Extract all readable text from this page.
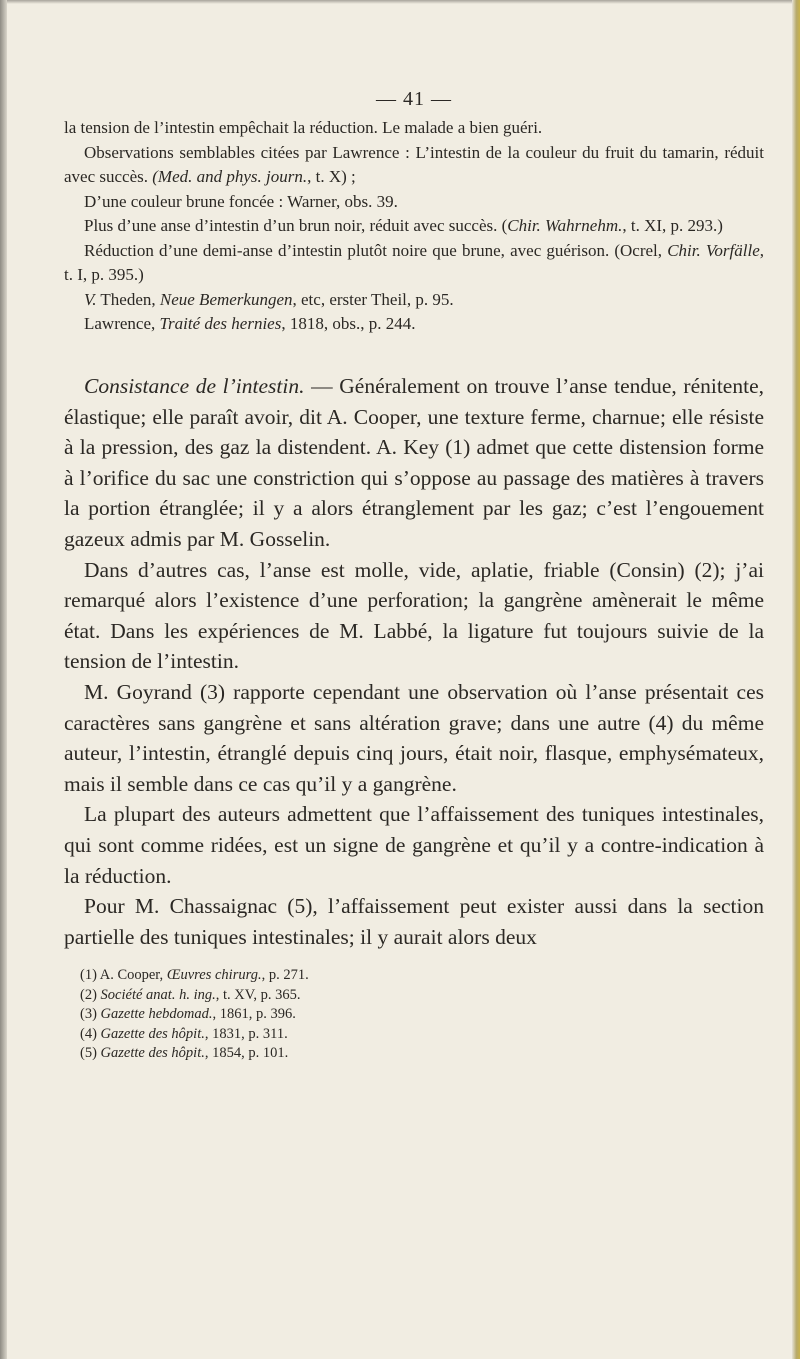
— 41 —

la tension de l’intestin empêchait la réduction. Le malade a bien guéri.

Observations semblables citées par Lawrence : L’intestin de la couleur du fruit du tamarin, réduit avec succès. (Med. and phys. journ., t. X) ;

D’une couleur brune foncée : Warner, obs. 39.

Plus d’une anse d’intestin d’un brun noir, réduit avec succès. (Chir. Wahrnehm., t. XI, p. 293.)

Réduction d’une demi-anse d’intestin plutôt noire que brune, avec guérison. (Ocrel, Chir. Vorfälle, t. I, p. 395.)

V. Theden, Neue Bemerkungen, etc, erster Theil, p. 95.

Lawrence, Traité des hernies, 1818, obs., p. 244.

Consistance de l’intestin. — Généralement on trouve l’anse tendue, rénitente, élastique; elle paraît avoir, dit A. Cooper, une texture ferme, charnue; elle résiste à la pression, des gaz la distendent. A. Key (1) admet que cette distension forme à l’orifice du sac une constriction qui s’oppose au passage des matières à travers la portion étranglée; il y a alors étranglement par les gaz; c’est l’engouement gazeux admis par M. Gosselin.

Dans d’autres cas, l’anse est molle, vide, aplatie, friable (Consin) (2); j’ai remarqué alors l’existence d’une perforation; la gangrène amènerait le même état. Dans les expériences de M. Labbé, la ligature fut toujours suivie de la tension de l’intestin.

M. Goyrand (3) rapporte cependant une observation où l’anse présentait ces caractères sans gangrène et sans altération grave; dans une autre (4) du même auteur, l’intestin, étranglé depuis cinq jours, était noir, flasque, emphysémateux, mais il semble dans ce cas qu’il y a gangrène.

La plupart des auteurs admettent que l’affaissement des tuniques intestinales, qui sont comme ridées, est un signe de gangrène et qu’il y a contre-indication à la réduction.

Pour M. Chassaignac (5), l’affaissement peut exister aussi dans la section partielle des tuniques intestinales; il y aurait alors deux

(1) A. Cooper, Œuvres chirurg., p. 271.

(2) Société anat. h. ing., t. XV, p. 365.

(3) Gazette hebdomad., 1861, p. 396.

(4) Gazette des hôpit., 1831, p. 311.

(5) Gazette des hôpit., 1854, p. 101.
